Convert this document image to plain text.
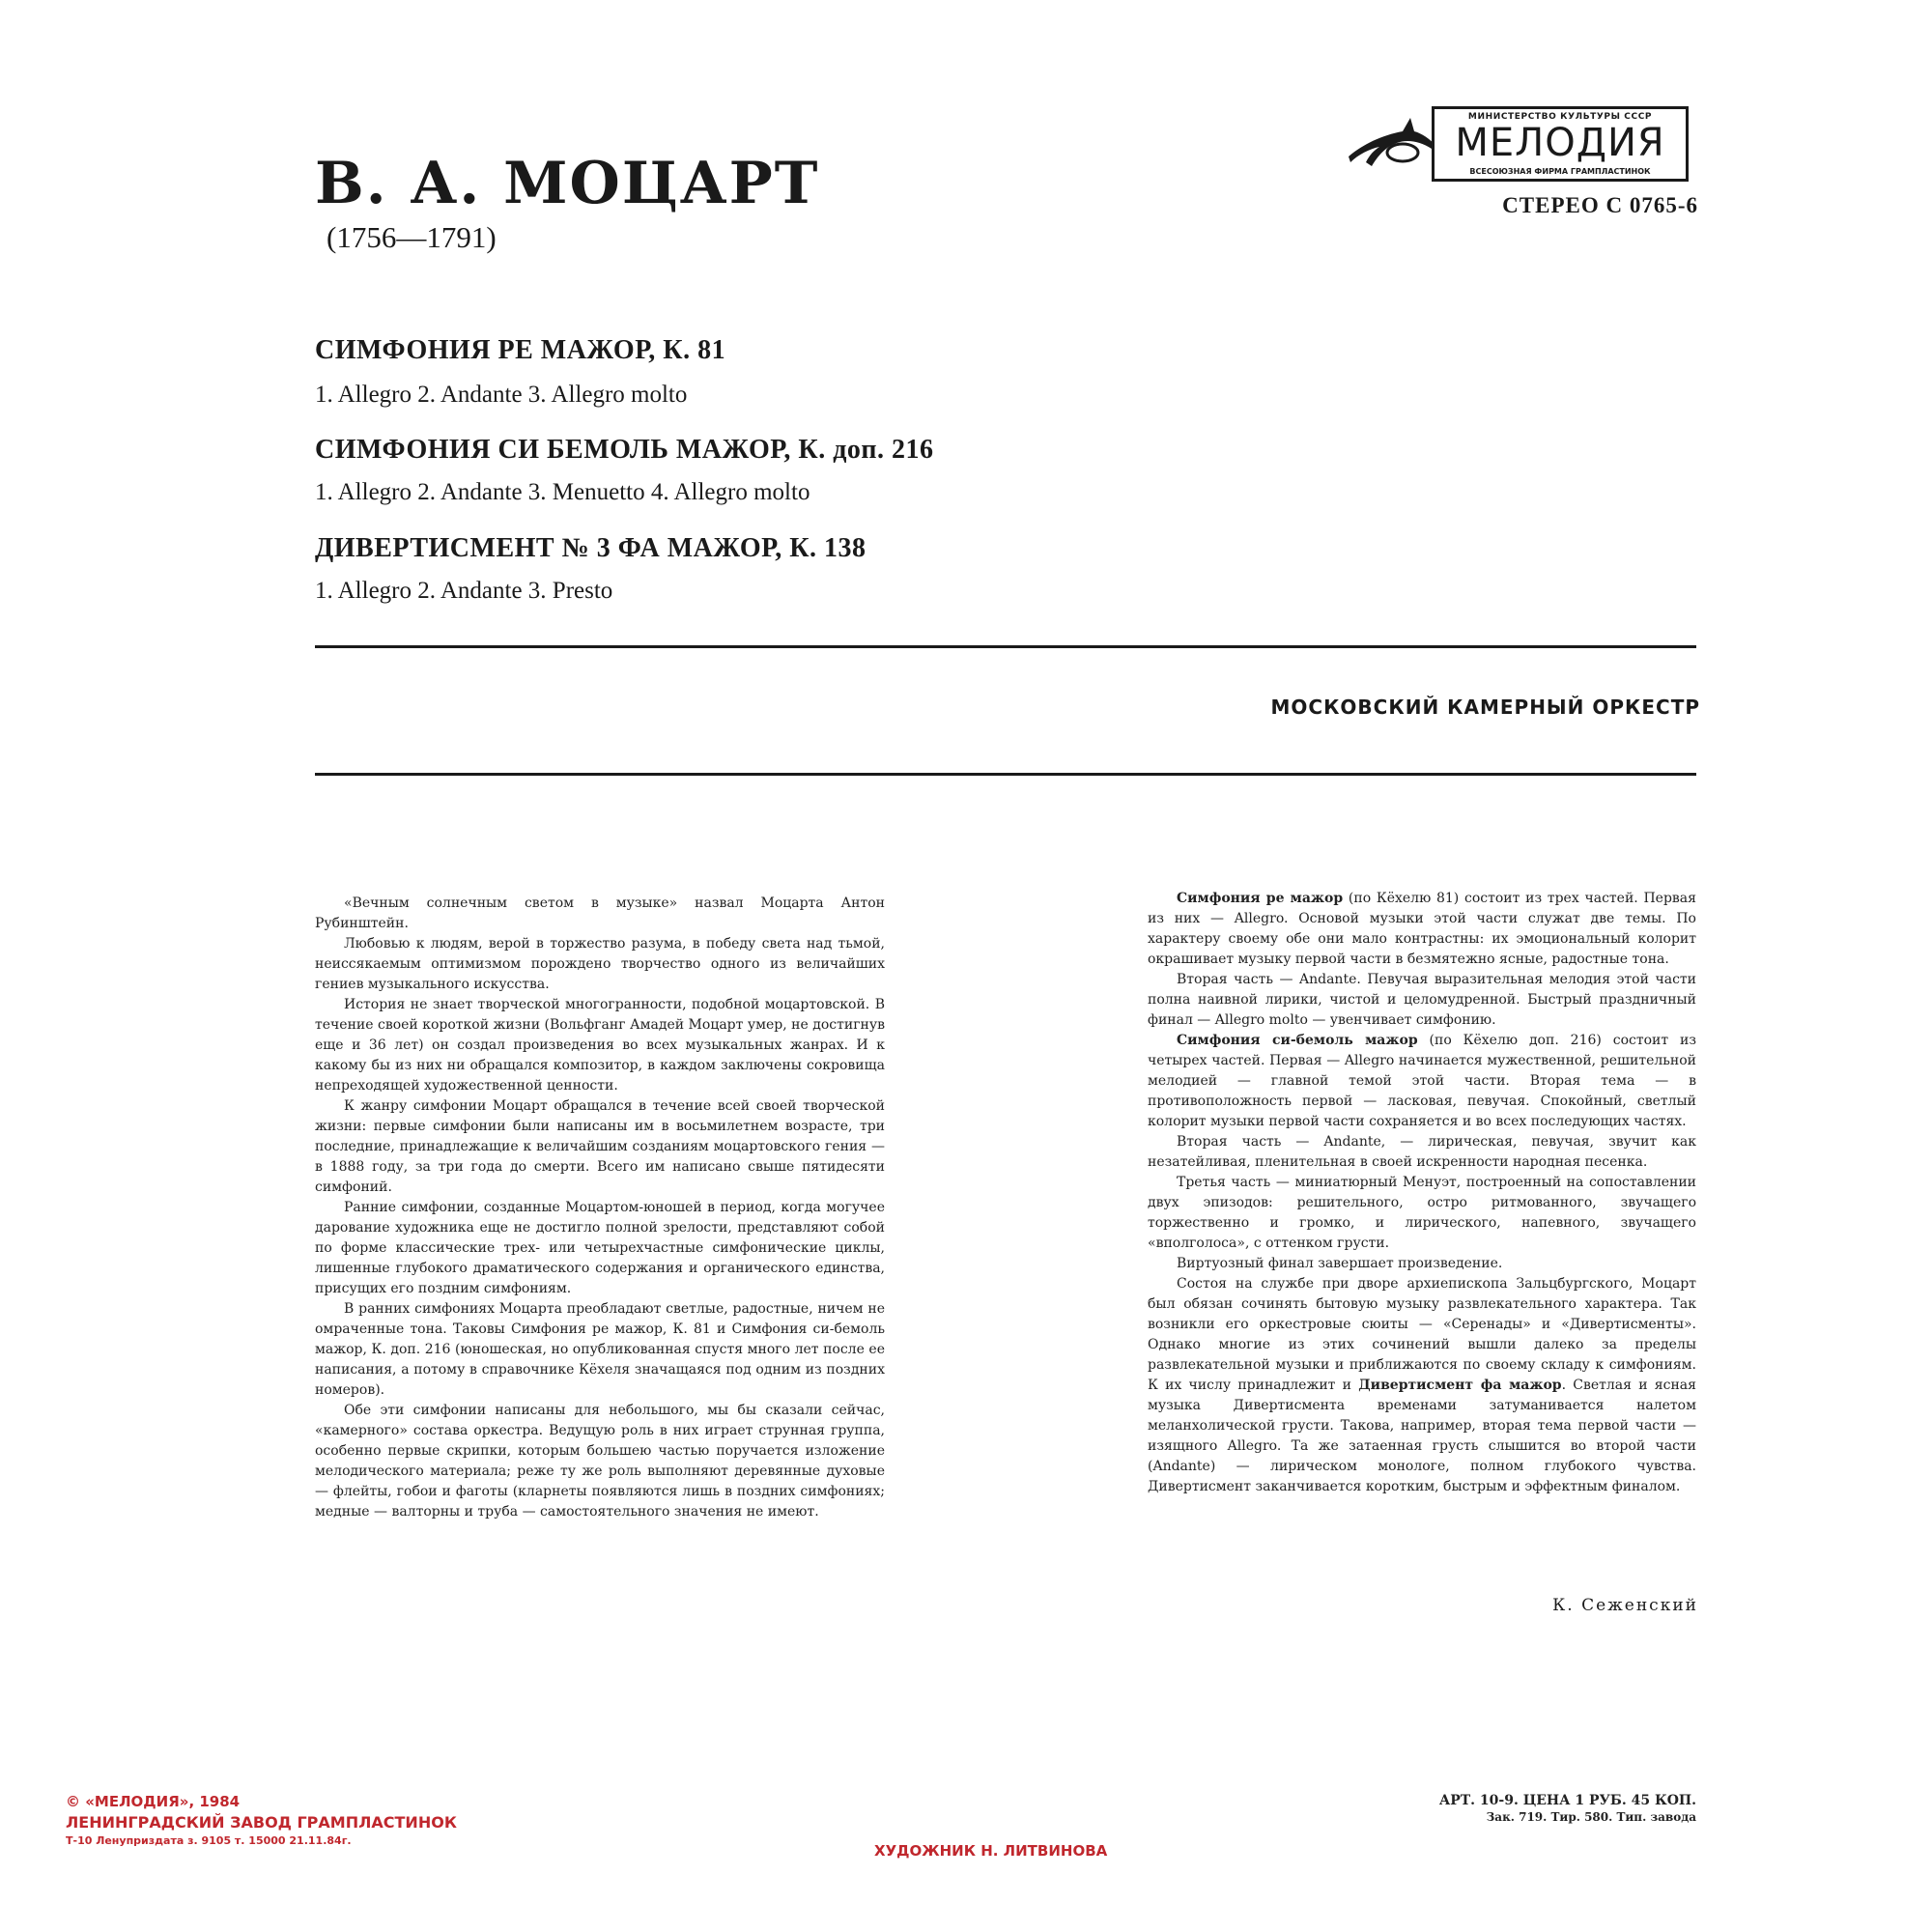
В. А. МОЦАРТ
(1756—1791)
МИНИСТЕРСТВО КУЛЬТУРЫ СССР
МЕЛОДИЯ
ВСЕСОЮЗНАЯ ФИРМА ГРАМПЛАСТИНОК
СТЕРЕО С 0765-6
СИМФОНИЯ РЕ МАЖОР, К. 81
1. Allegro 2. Andante 3. Allegro molto
СИМФОНИЯ СИ БЕМОЛЬ МАЖОР, К. доп. 216
1. Allegro 2. Andante 3. Menuetto 4. Allegro molto
ДИВЕРТИСМЕНТ № 3 ФА МАЖОР, К. 138
1. Allegro 2. Andante 3. Presto
МОСКОВСКИЙ КАМЕРНЫЙ ОРКЕСТР

«Вечным солнечным светом в музыке» назвал Моцарта Антон Рубинштейн.

Любовью к людям, верой в торжество разума, в победу света над тьмой, неиссякаемым оптимизмом порождено творчество одного из величайших гениев музыкального искусства.

История не знает творческой многогранности, подобной моцартовской. В течение своей короткой жизни (Вольфганг Амадей Моцарт умер, не достигнув еще и 36 лет) он создал произведения во всех музыкальных жанрах. И к какому бы из них ни обращался композитор, в каждом заключены сокровища непреходящей художественной ценности.

К жанру симфонии Моцарт обращался в течение всей своей творческой жизни: первые симфонии были написаны им в восьмилетнем возрасте, три последние, принадлежащие к величайшим созданиям моцартовского гения — в 1888 году, за три года до смерти. Всего им написано свыше пятидесяти симфоний.

Ранние симфонии, созданные Моцартом-юношей в период, когда могучее дарование художника еще не достигло полной зрелости, представляют собой по форме классические трех- или четырехчастные симфонические циклы, лишенные глубокого драматического содержания и органического единства, присущих его поздним симфониям.

В ранних симфониях Моцарта преобладают светлые, радостные, ничем не омраченные тона. Таковы Симфония ре мажор, К. 81 и Симфония си-бемоль мажор, К. доп. 216 (юношеская, но опубликованная спустя много лет после ее написания, а потому в справочнике Кёхеля значащаяся под одним из поздних номеров).

Обе эти симфонии написаны для небольшого, мы бы сказали сейчас, «камерного» состава оркестра. Ведущую роль в них играет струнная группа, особенно первые скрипки, которым большею частью поручается изложение мелодического материала; реже ту же роль выполняют деревянные духовые — флейты, гобои и фаготы (кларнеты появляются лишь в поздних симфониях; медные — валторны и труба — самостоятельного значения не имеют.

Симфония ре мажор (по Кёхелю 81) состоит из трех частей. Первая из них — Allegro. Основой музыки этой части служат две темы. По характеру своему обе они мало контрастны: их эмоциональный колорит окрашивает музыку первой части в безмятежно ясные, радостные тона.

Вторая часть — Andante. Певучая выразительная мелодия этой части полна наивной лирики, чистой и целомудренной. Быстрый праздничный финал — Allegro molto — увенчивает симфонию.

Симфония си-бемоль мажор (по Кёхелю доп. 216) состоит из четырех частей. Первая — Allegro начинается мужественной, решительной мелодией — главной темой этой части. Вторая тема — в противоположность первой — ласковая, певучая. Спокойный, светлый колорит музыки первой части сохраняется и во всех последующих частях.

Вторая часть — Andante, — лирическая, певучая, звучит как незатейливая, пленительная в своей искренности народная песенка.

Третья часть — миниатюрный Менуэт, построенный на сопоставлении двух эпизодов: решительного, остро ритмованного, звучащего торжественно и громко, и лирического, напевного, звучащего «вполголоса», с оттенком грусти.

Виртуозный финал завершает произведение.

Состоя на службе при дворе архиепископа Зальцбургского, Моцарт был обязан сочинять бытовую музыку развлекательного характера. Так возникли его оркестровые сюиты — «Серенады» и «Дивертисменты». Однако многие из этих сочинений вышли далеко за пределы развлекательной музыки и приближаются по своему складу к симфониям. К их числу принадлежит и Дивертисмент фа мажор. Светлая и ясная музыка Дивертисмента временами затуманивается налетом меланхолической грусти. Такова, например, вторая тема первой части — изящного Allegro. Та же затаенная грусть слышится во второй части (Andante) — лирическом монологе, полном глубокого чувства. Дивертисмент заканчивается коротким, быстрым и эффектным финалом.

К. Сеженский
© «МЕЛОДИЯ», 1984
ЛЕНИНГРАДСКИЙ ЗАВОД ГРАМПЛАСТИНОК
Т-10 Ленуприздата з. 9105 т. 15000 21.11.84г.
ХУДОЖНИК Н. ЛИТВИНОВА
АРТ. 10-9. ЦЕНА 1 РУБ. 45 КОП.
Зак. 719. Тир. 580. Тип. завода
